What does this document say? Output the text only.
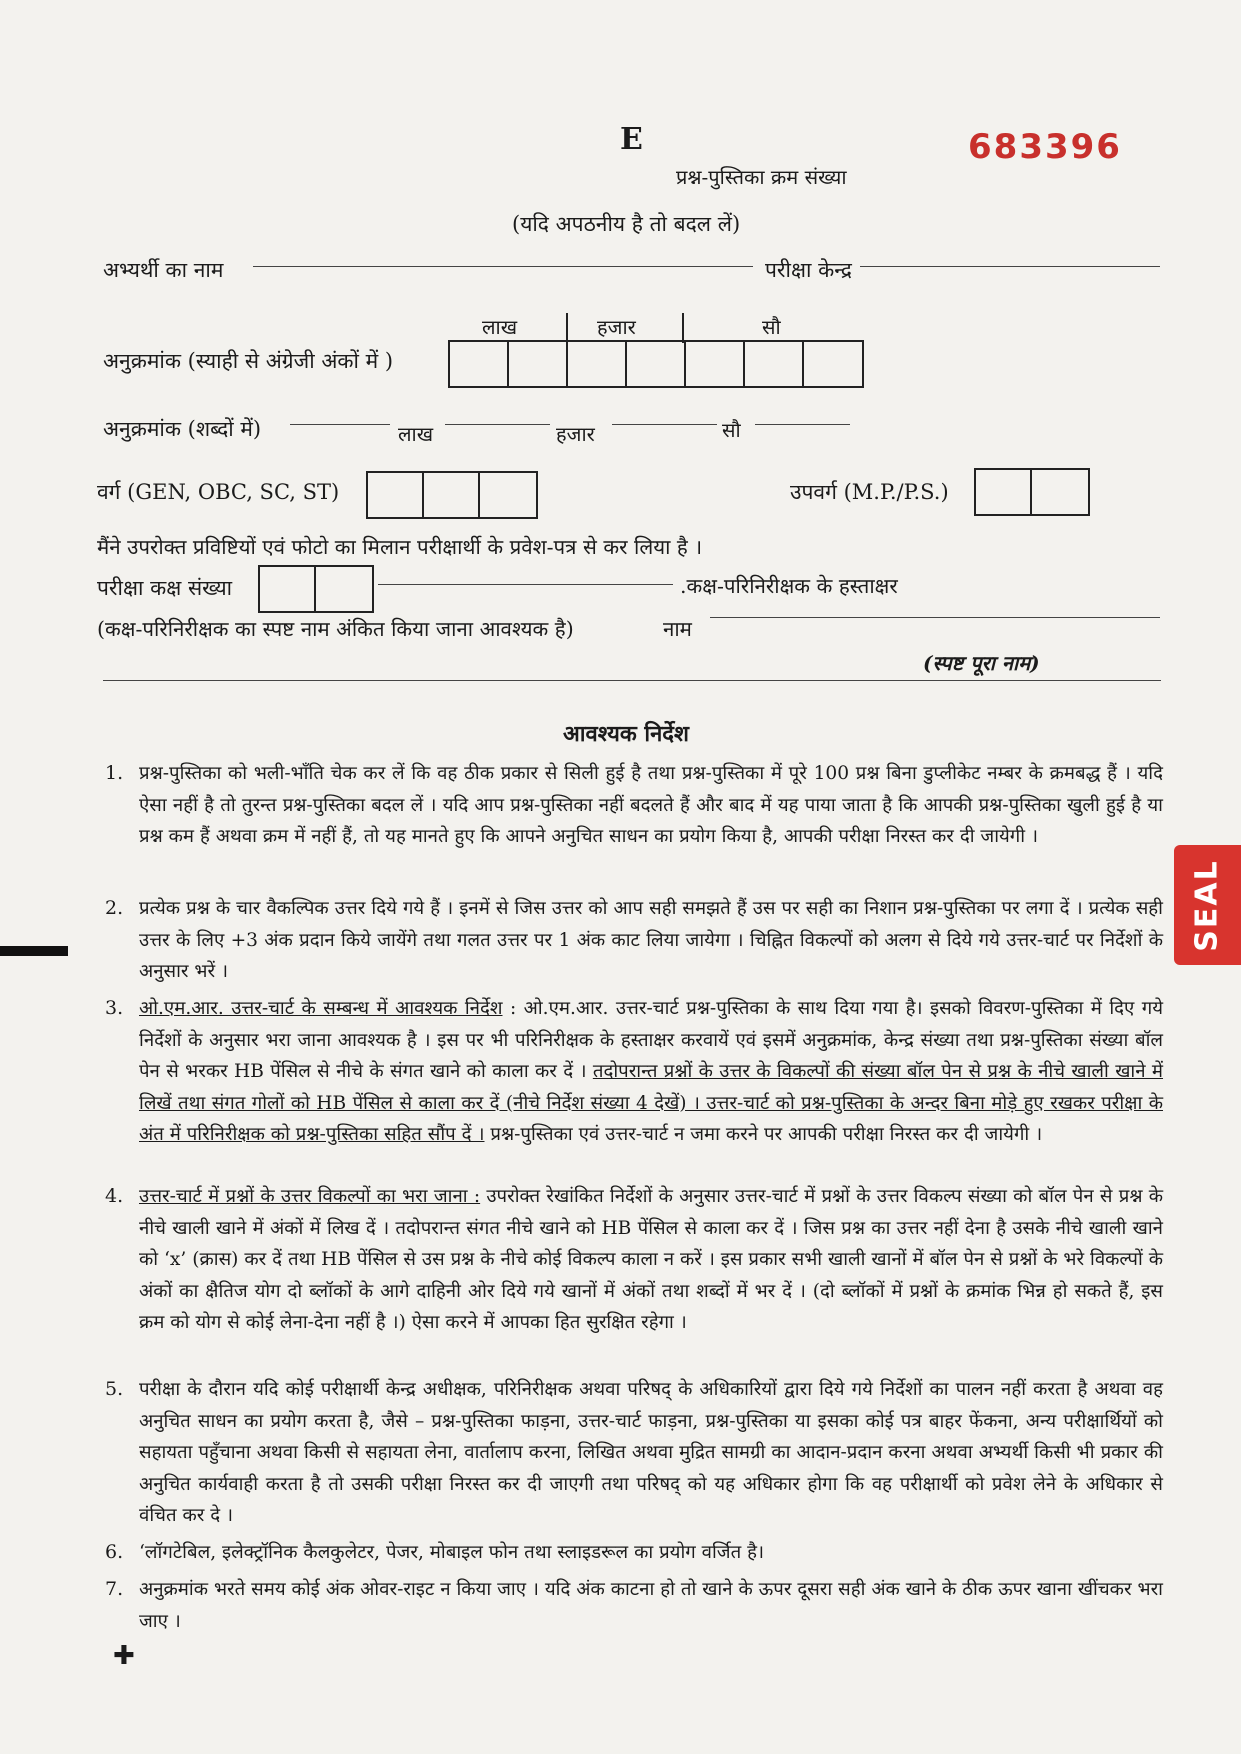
E
प्रश्न-पुस्तिका क्रम संख्या
683396
(यदि अपठनीय है तो बदल लें)
अभ्यर्थी का नाम	परीक्षा केन्द्र
लाख	हजार	सौ
अनुक्रमांक (स्याही से अंग्रेजी अंकों में )
अनुक्रमांक (शब्दों में)	लाख	हजार	सौ
वर्ग (GEN, OBC, SC, ST)	उपवर्ग (M.P./P.S.)
मैंने उपरोक्त प्रविष्टियों एवं फोटो का मिलान परीक्षार्थी के प्रवेश-पत्र से कर लिया है ।
परीक्षा कक्ष संख्या	.कक्ष-परिनिरीक्षक के हस्ताक्षर
(कक्ष-परिनिरीक्षक का स्पष्ट नाम अंकित किया जाना आवश्यक है)	नाम
(स्पष्ट पूरा नाम)
आवश्यक निर्देश
1. प्रश्न-पुस्तिका को भली-भाँति चेक कर लें कि वह ठीक प्रकार से सिली हुई है तथा प्रश्न-पुस्तिका में पूरे 100 प्रश्न बिना डुप्लीकेट नम्बर के क्रमबद्ध हैं । यदि ऐसा नहीं है तो तुरन्त प्रश्न-पुस्तिका बदल लें । यदि आप प्रश्न-पुस्तिका नहीं बदलते हैं और बाद में यह पाया जाता है कि आपकी प्रश्न-पुस्तिका खुली हुई है या प्रश्न कम हैं अथवा क्रम में नहीं हैं, तो यह मानते हुए कि आपने अनुचित साधन का प्रयोग किया है, आपकी परीक्षा निरस्त कर दी जायेगी ।
2. प्रत्येक प्रश्न के चार वैकल्पिक उत्तर दिये गये हैं । इनमें से जिस उत्तर को आप सही समझते हैं उस पर सही का निशान प्रश्न-पुस्तिका पर लगा दें । प्रत्येक सही उत्तर के लिए +3 अंक प्रदान किये जायेंगे तथा गलत उत्तर पर 1 अंक काट लिया जायेगा । चिह्नित विकल्पों को अलग से दिये गये उत्तर-चार्ट पर निर्देशों के अनुसार भरें ।
3. ओ.एम.आर. उत्तर-चार्ट के सम्बन्ध में आवश्यक निर्देश : ओ.एम.आर. उत्तर-चार्ट प्रश्न-पुस्तिका के साथ दिया गया है। इसको विवरण-पुस्तिका में दिए गये निर्देशों के अनुसार भरा जाना आवश्यक है । इस पर भी परिनिरीक्षक के हस्ताक्षर करवायें एवं इसमें अनुक्रमांक, केन्द्र संख्या तथा प्रश्न-पुस्तिका संख्या बॉल पेन से भरकर HB पेंसिल से नीचे के संगत खाने को काला कर दें । तदोपरान्त प्रश्नों के उत्तर के विकल्पों की संख्या बॉल पेन से प्रश्न के नीचे खाली खाने में लिखें तथा संगत गोलों को HB पेंसिल से काला कर दें (नीचे निर्देश संख्या 4 देखें) । उत्तर-चार्ट को प्रश्न-पुस्तिका के अन्दर बिना मोड़े हुए रखकर परीक्षा के अंत में परिनिरीक्षक को प्रश्न-पुस्तिका सहित सौंप दें । प्रश्न-पुस्तिका एवं उत्तर-चार्ट न जमा करने पर आपकी परीक्षा निरस्त कर दी जायेगी ।
4. उत्तर-चार्ट में प्रश्नों के उत्तर विकल्पों का भरा जाना : उपरोक्त रेखांकित निर्देशों के अनुसार उत्तर-चार्ट में प्रश्नों के उत्तर विकल्प संख्या को बॉल पेन से प्रश्न के नीचे खाली खाने में अंकों में लिख दें । तदोपरान्त संगत नीचे खाने को HB पेंसिल से काला कर दें । जिस प्रश्न का उत्तर नहीं देना है उसके नीचे खाली खाने को ‘x’ (क्रास) कर दें तथा HB पेंसिल से उस प्रश्न के नीचे कोई विकल्प काला न करें । इस प्रकार सभी खाली खानों में बॉल पेन से प्रश्नों के भरे विकल्पों के अंकों का क्षैतिज योग दो ब्लॉकों के आगे दाहिनी ओर दिये गये खानों में अंकों तथा शब्दों में भर दें । (दो ब्लॉकों में प्रश्नों के क्रमांक भिन्न हो सकते हैं, इस क्रम को योग से कोई लेना-देना नहीं है ।) ऐसा करने में आपका हित सुरक्षित रहेगा ।
5. परीक्षा के दौरान यदि कोई परीक्षार्थी केन्द्र अधीक्षक, परिनिरीक्षक अथवा परिषद् के अधिकारियों द्वारा दिये गये निर्देशों का पालन नहीं करता है अथवा वह अनुचित साधन का प्रयोग करता है, जैसे – प्रश्न-पुस्तिका फाड़ना, उत्तर-चार्ट फाड़ना, प्रश्न-पुस्तिका या इसका कोई पत्र बाहर फेंकना, अन्य परीक्षार्थियों को सहायता पहुँचाना अथवा किसी से सहायता लेना, वार्तालाप करना, लिखित अथवा मुद्रित सामग्री का आदान-प्रदान करना अथवा अभ्यर्थी किसी भी प्रकार की अनुचित कार्यवाही करता है तो उसकी परीक्षा निरस्त कर दी जाएगी तथा परिषद् को यह अधिकार होगा कि वह परीक्षार्थी को प्रवेश लेने के अधिकार से वंचित कर दे ।
6. ‘लॉगटेबिल, इलेक्ट्रॉनिक कैलकुलेटर, पेजर, मोबाइल फोन तथा स्लाइडरूल का प्रयोग वर्जित है।
7. अनुक्रमांक भरते समय कोई अंक ओवर-राइट न किया जाए । यदि अंक काटना हो तो खाने के ऊपर दूसरा सही अंक खाने के ठीक ऊपर खाना खींचकर भरा जाए ।
SEAL
✚
